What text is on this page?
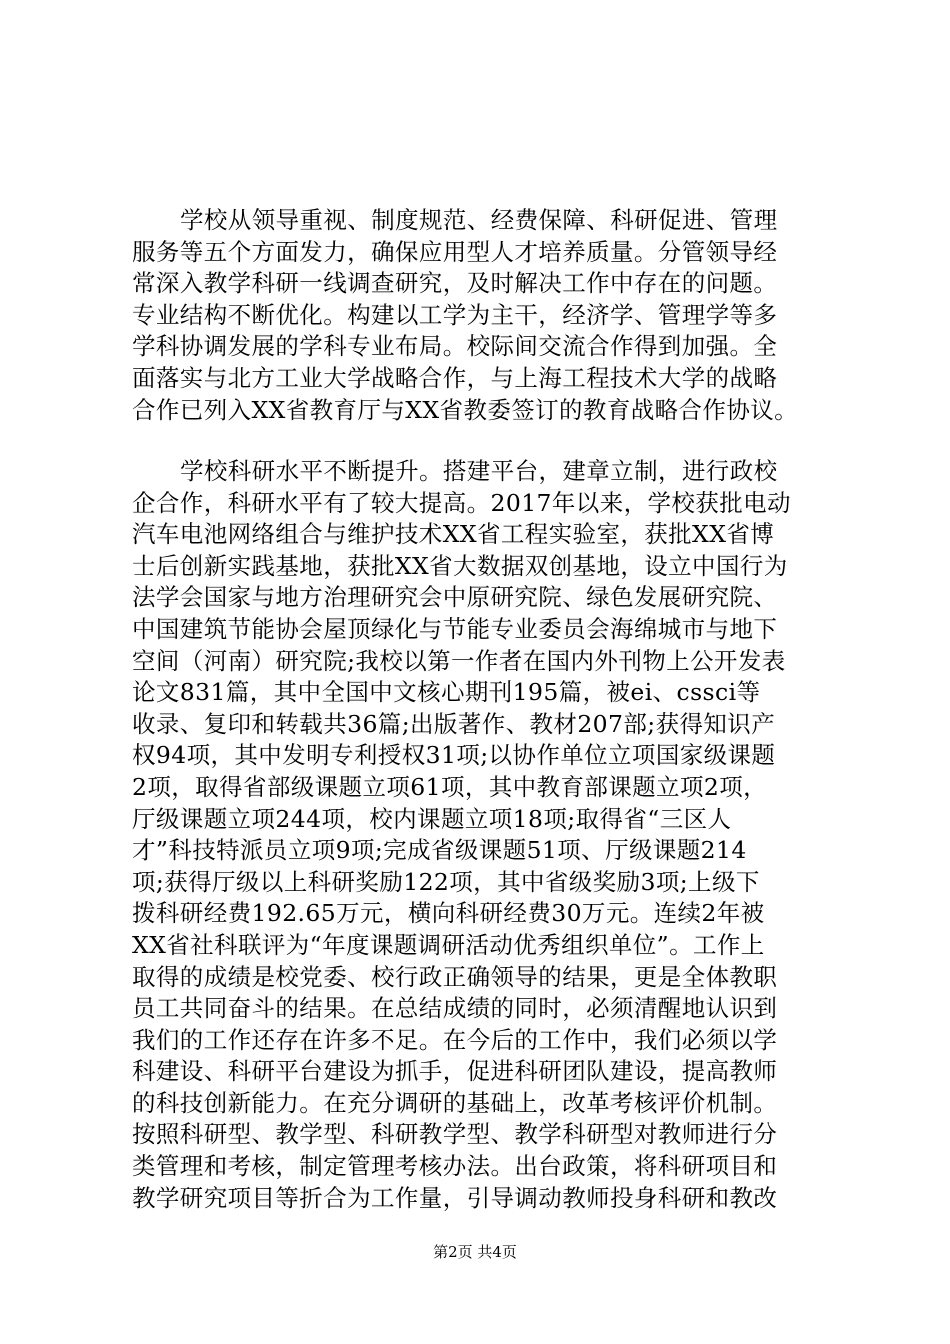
学校从领导重视、制度规范、经费保障、科研促进、管理
服务等五个方面发力，确保应用型人才培养质量。分管领导经
常深入教学科研一线调查研究，及时解决工作中存在的问题。
专业结构不断优化。构建以工学为主干，经济学、管理学等多
学科协调发展的学科专业布局。校际间交流合作得到加强。全
面落实与北方工业大学战略合作，与上海工程技术大学的战略
合作已列入XX省教育厅与XX省教委签订的教育战略合作协议。
学校科研水平不断提升。搭建平台，建章立制，进行政校
企合作，科研水平有了较大提高。2017年以来，学校获批电动
汽车电池网络组合与维护技术XX省工程实验室，获批XX省博
士后创新实践基地，获批XX省大数据双创基地，设立中国行为
法学会国家与地方治理研究会中原研究院、绿色发展研究院、
中国建筑节能协会屋顶绿化与节能专业委员会海绵城市与地下
空间（河南）研究院;我校以第一作者在国内外刊物上公开发表
论文831篇，其中全国中文核心期刊195篇，被ei、cssci等
收录、复印和转载共36篇;出版著作、教材207部;获得知识产
权94项，其中发明专利授权31项;以协作单位立项国家级课题
2项，取得省部级课题立项61项，其中教育部课题立项2项，
厅级课题立项244项，校内课题立项18项;取得省“三区人
才”科技特派员立项9项;完成省级课题51项、厅级课题214
项;获得厅级以上科研奖励122项，其中省级奖励3项;上级下
拨科研经费192.65万元，横向科研经费30万元。连续2年被
XX省社科联评为“年度课题调研活动优秀组织单位”。工作上
取得的成绩是校党委、校行政正确领导的结果，更是全体教职
员工共同奋斗的结果。在总结成绩的同时，必须清醒地认识到
我们的工作还存在许多不足。在今后的工作中，我们必须以学
科建设、科研平台建设为抓手，促进科研团队建设，提高教师
的科技创新能力。在充分调研的基础上，改革考核评价机制。
按照科研型、教学型、科研教学型、教学科研型对教师进行分
类管理和考核，制定管理考核办法。出台政策，将科研项目和
教学研究项目等折合为工作量，引导调动教师投身科研和教改
第2页 共4页
